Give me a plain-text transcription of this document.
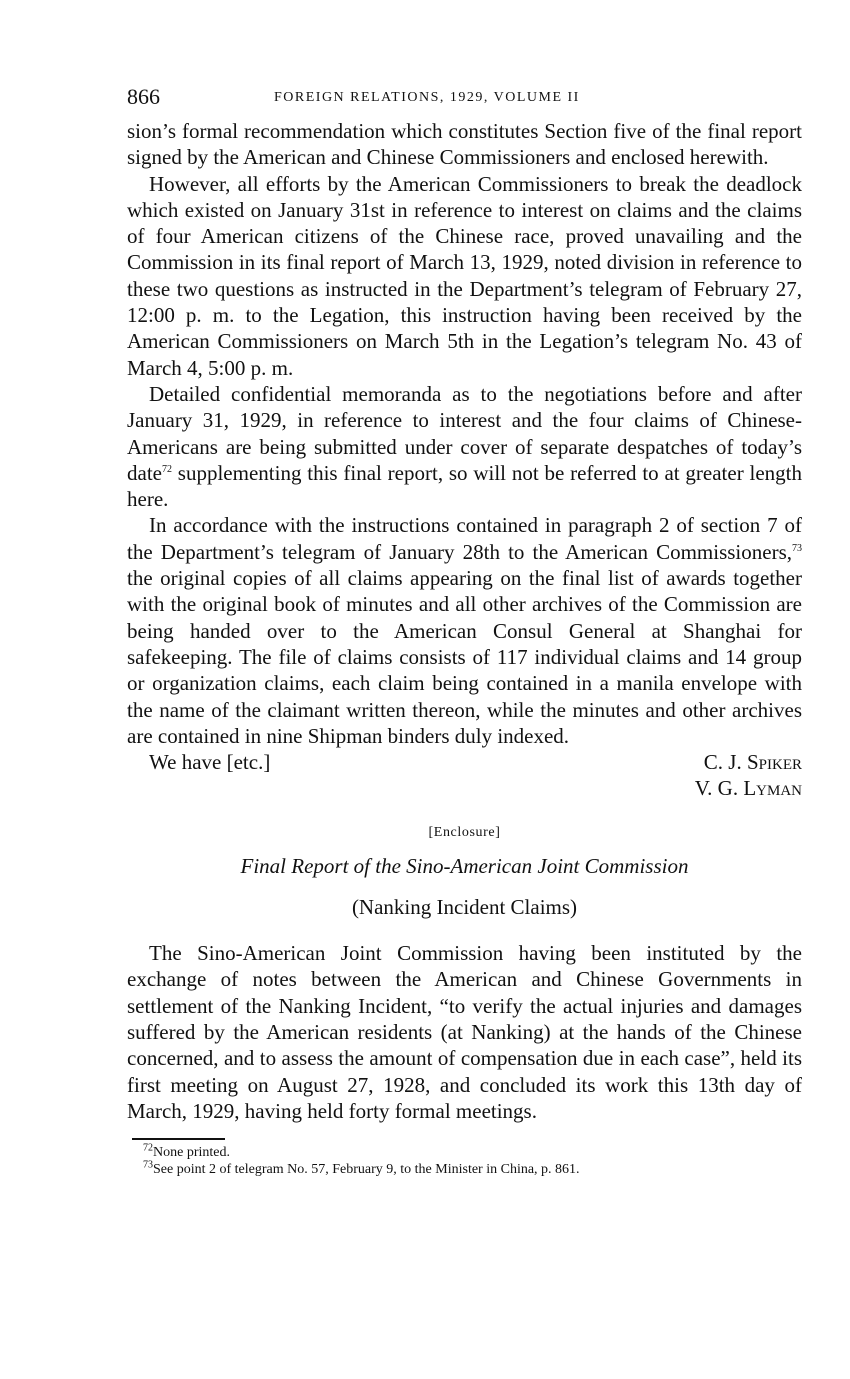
866	FOREIGN RELATIONS, 1929, VOLUME II

sion’s formal recommendation which constitutes Section five of the final report signed by the American and Chinese Commissioners and enclosed herewith.

However, all efforts by the American Commissioners to break the deadlock which existed on January 31st in reference to interest on claims and the claims of four American citizens of the Chinese race, proved unavailing and the Commission in its final report of March 13, 1929, noted division in reference to these two questions as instructed in the Department’s telegram of February 27, 12:00 p. m. to the Legation, this instruction having been received by the American Commissioners on March 5th in the Legation’s telegram No. 43 of March 4, 5:00 p. m.

Detailed confidential memoranda as to the negotiations before and after January 31, 1929, in reference to interest and the four claims of Chinese-Americans are being submitted under cover of separate despatches of today’s date$^{72}$ supplementing this final report, so will not be referred to at greater length here.

In accordance with the instructions contained in paragraph 2 of section 7 of the Department’s telegram of January 28th to the American Commissioners,$^{73}$ the original copies of all claims appearing on the final list of awards together with the original book of minutes and all other archives of the Commission are being handed over to the American Consul General at Shanghai for safekeeping. The file of claims consists of 117 individual claims and 14 group or organization claims, each claim being contained in a manila envelope with the name of the claimant written thereon, while the minutes and other archives are contained in nine Shipman binders duly indexed.

We have [etc.]	C. J. Spiker
V. G. Lyman
[Enclosure]
Final Report of the Sino-American Joint Commission
(Nanking Incident Claims)

The Sino-American Joint Commission having been instituted by the exchange of notes between the American and Chinese Governments in settlement of the Nanking Incident, “to verify the actual injuries and damages suffered by the American residents (at Nanking) at the hands of the Chinese concerned, and to assess the amount of compensation due in each case”, held its first meeting on August 27, 1928, and concluded its work this 13th day of March, 1929, having held forty formal meetings.

$^{72}$None printed.
$^{73}$See point 2 of telegram No. 57, February 9, to the Minister in China, p. 861.
